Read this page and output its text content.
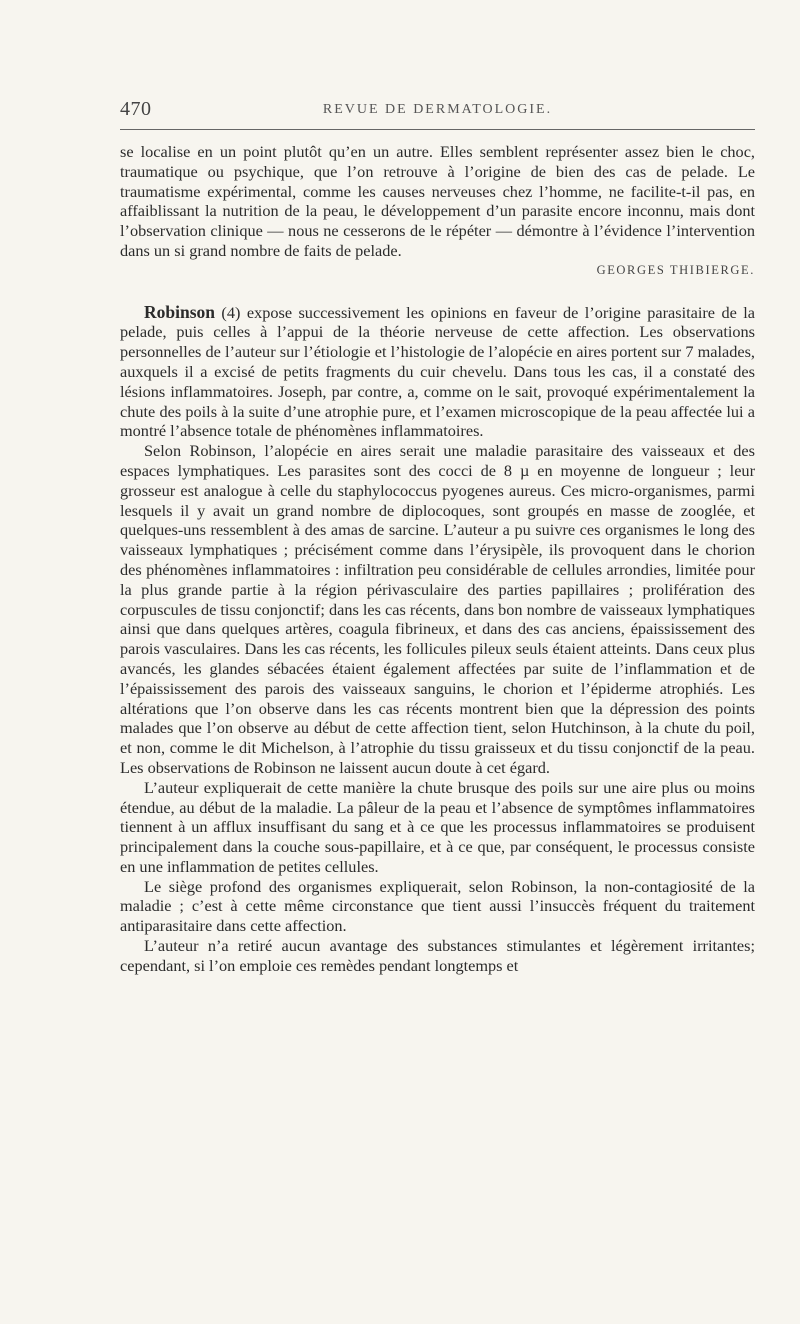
470	REVUE DE DERMATOLOGIE.

se localise en un point plutôt qu’en un autre. Elles semblent représenter assez bien le choc, traumatique ou psychique, que l’on retrouve à l’origine de bien des cas de pelade. Le traumatisme expérimental, comme les causes nerveuses chez l’homme, ne facilite-t-il pas, en affaiblissant la nutrition de la peau, le développement d’un parasite encore inconnu, mais dont l’observation clinique — nous ne cesserons de le répéter — démontre à l’évidence l’intervention dans un si grand nombre de faits de pelade.

GEORGES THIBIERGE.

Robinson (4) expose successivement les opinions en faveur de l’origine parasitaire de la pelade, puis celles à l’appui de la théorie nerveuse de cette affection. Les observations personnelles de l’auteur sur l’étiologie et l’histologie de l’alopécie en aires portent sur 7 malades, auxquels il a excisé de petits fragments du cuir chevelu. Dans tous les cas, il a constaté des lésions inflammatoires. Joseph, par contre, a, comme on le sait, provoqué expérimentalement la chute des poils à la suite d’une atrophie pure, et l’examen microscopique de la peau affectée lui a montré l’absence totale de phénomènes inflammatoires.

Selon Robinson, l’alopécie en aires serait une maladie parasitaire des vaisseaux et des espaces lymphatiques. Les parasites sont des cocci de 8 µ en moyenne de longueur ; leur grosseur est analogue à celle du staphylococcus pyogenes aureus. Ces micro-organismes, parmi lesquels il y avait un grand nombre de diplocoques, sont groupés en masse de zooglée, et quelques-uns ressemblent à des amas de sarcine. L’auteur a pu suivre ces organismes le long des vaisseaux lymphatiques ; précisément comme dans l’érysipèle, ils provoquent dans le chorion des phénomènes inflammatoires : infiltration peu considérable de cellules arrondies, limitée pour la plus grande partie à la région périvasculaire des parties papillaires ; prolifération des corpuscules de tissu conjonctif; dans les cas récents, dans bon nombre de vaisseaux lymphatiques ainsi que dans quelques artères, coagula fibrineux, et dans des cas anciens, épaississement des parois vasculaires. Dans les cas récents, les follicules pileux seuls étaient atteints. Dans ceux plus avancés, les glandes sébacées étaient également affectées par suite de l’inflammation et de l’épaississement des parois des vaisseaux sanguins, le chorion et l’épiderme atrophiés. Les altérations que l’on observe dans les cas récents montrent bien que la dépression des points malades que l’on observe au début de cette affection tient, selon Hutchinson, à la chute du poil, et non, comme le dit Michelson, à l’atrophie du tissu graisseux et du tissu conjonctif de la peau. Les observations de Robinson ne laissent aucun doute à cet égard.

L’auteur expliquerait de cette manière la chute brusque des poils sur une aire plus ou moins étendue, au début de la maladie. La pâleur de la peau et l’absence de symptômes inflammatoires tiennent à un afflux insuffisant du sang et à ce que les processus inflammatoires se produisent principalement dans la couche sous-papillaire, et à ce que, par conséquent, le processus consiste en une inflammation de petites cellules.

Le siège profond des organismes expliquerait, selon Robinson, la non-contagiosité de la maladie ; c’est à cette même circonstance que tient aussi l’insuccès fréquent du traitement antiparasitaire dans cette affection.

L’auteur n’a retiré aucun avantage des substances stimulantes et légèrement irritantes; cependant, si l’on emploie ces remèdes pendant longtemps et
